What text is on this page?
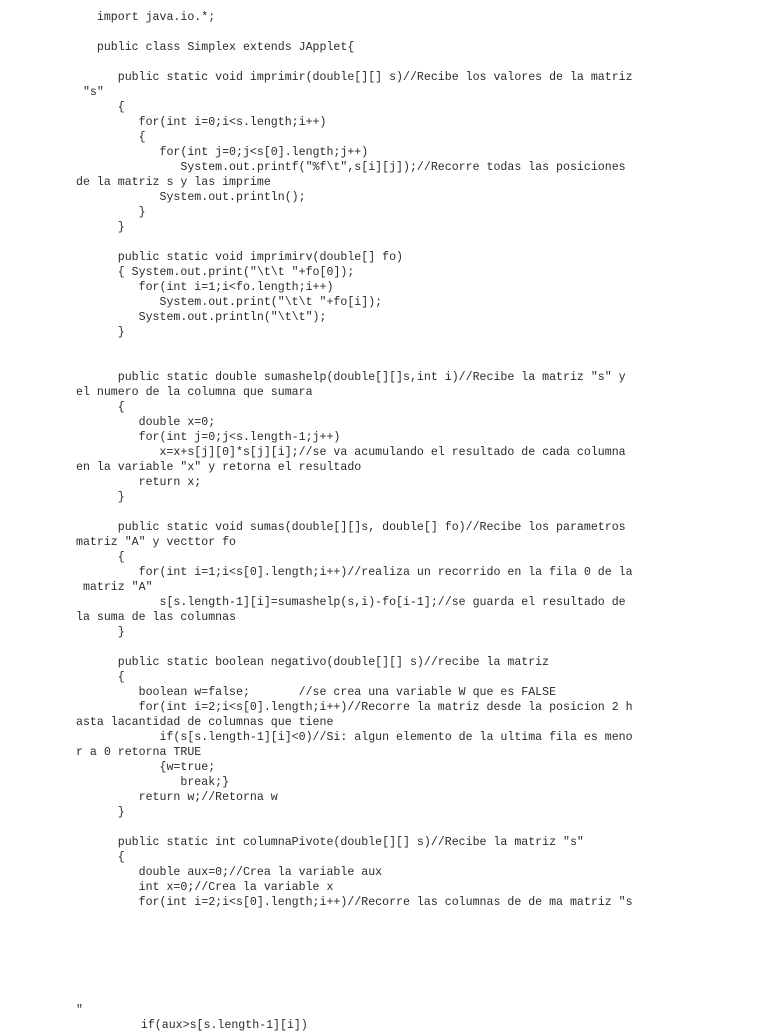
import java.io.*;
public class Simplex extends JApplet{
public static void imprimir(double[][] s)//Recibe los valores de la matriz
"s"
{
for(int i=0;i<s.length;i++)
{
for(int j=0;j<s[0].length;j++)
System.out.printf("%f\t",s[i][j]);//Recorre todas las posiciones
de la matriz s y las imprime
System.out.println();
}
}
public static void imprimirv(double[] fo)
{ System.out.print("\t\t "+fo[0]);
for(int i=1;i<fo.length;i++)
System.out.print("\t\t "+fo[i]);
System.out.println("\t\t");
}
public static double sumashelp(double[][]s,int i)//Recibe la matriz "s" y
el numero de la columna que sumara
{
double x=0;
for(int j=0;j<s.length-1;j++)
x=x+s[j][0]*s[j][i];//se va acumulando el resultado de cada columna
en la variable "x" y retorna el resultado
return x;
}
public static void sumas(double[][]s, double[] fo)//Recibe los parametros
matriz "A" y vecttor fo
{
for(int i=1;i<s[0].length;i++)//realiza un recorrido en la fila 0 de la
matriz "A"
s[s.length-1][i]=sumashelp(s,i)-fo[i-1];//se guarda el resultado de
la suma de las columnas
}
public static boolean negativo(double[][] s)//recibe la matriz
{
boolean w=false;       //se crea una variable W que es FALSE
for(int i=2;i<s[0].length;i++)//Recorre la matriz desde la posicion 2 h
asta lacantidad de columnas que tiene
if(s[s.length-1][i]<0)//Si: algun elemento de la ultima fila es meno
r a 0 retorna TRUE
{w=true;
break;}
return w;//Retorna w
}
public static int columnaPivote(double[][] s)//Recibe la matriz "s"
{
double aux=0;//Crea la variable aux
int x=0;//Crea la variable x
for(int i=2;i<s[0].length;i++)//Recorre las columnas de de ma matriz "s
"
if(aux>s[s.length-1][i])
